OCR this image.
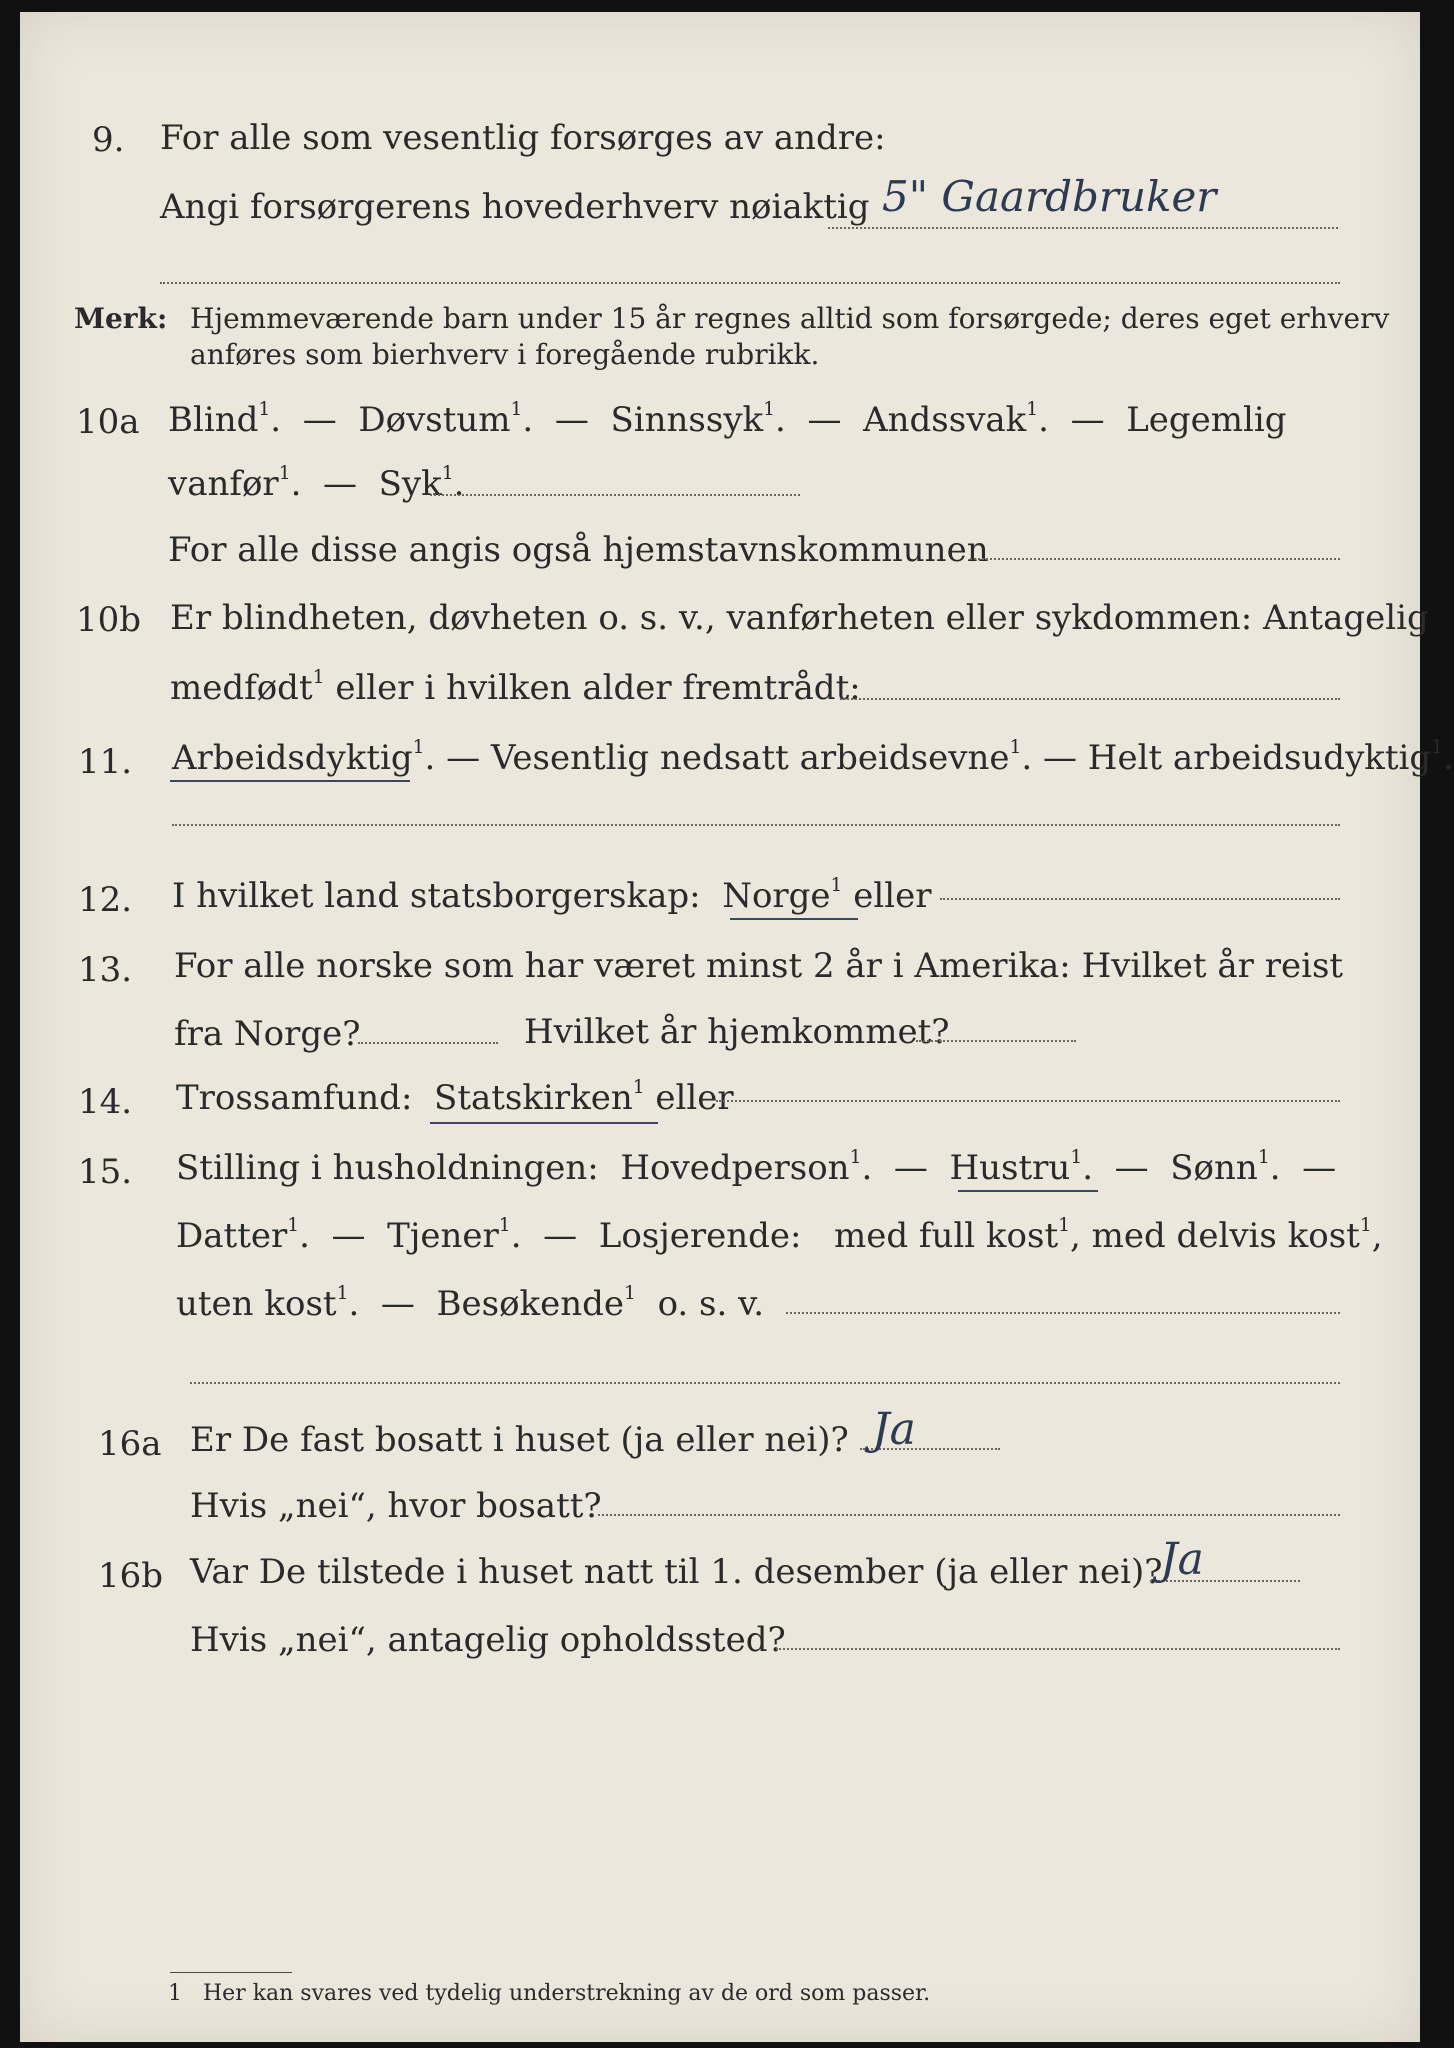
9. For alle som vesentlig forsørges av andre:
Angi forsørgerens hovederhverv nøiaktig 5" Gaardbruker
Merk: Hjemmeværende barn under 15 år regnes alltid som forsørgede; deres eget erhverv
anføres som bierhverv i foregående rubrikk.
10a Blind$^1$.  —  Døvstum$^1$.  —  Sinnssyk$^1$.  —  Andssvak$^1$.  —  Legemlig
vanfør$^1$.  —  Syk$^1$.
For alle disse angis også hjemstavnskommunen
10b Er blindheten, døvheten o. s. v., vanførheten eller sykdommen: Antagelig
medfødt$^1$ eller i hvilken alder fremtrådt:
11. Arbeidsdyktig$^1$. — Vesentlig nedsatt arbeidsevne$^1$. — Helt arbeidsudyktig$^1$.
12. I hvilket land statsborgerskap: Norge$^1$ eller
13. For alle norske som har været minst 2 år i Amerika: Hvilket år reist
fra Norge?	Hvilket år hjemkommet?
14. Trossamfund: Statskirken$^1$ eller
15. Stilling i husholdningen: Hovedperson$^1$.  —  Hustru$^1$.  —  Sønn$^1$.  —
Datter$^1$.  —  Tjener$^1$.  —  Losjerende: med full kost$^1$, med delvis kost$^1$,
uten kost$^1$.  —  Besøkende$^1$ o. s. v.
16a Er De fast bosatt i huset (ja eller nei)? Ja
Hvis „nei“, hvor bosatt?
16b Var De tilstede i huset natt til 1. desember (ja eller nei)?
Ja
Hvis „nei“, antagelig opholdssted?
1 Her kan svares ved tydelig understrekning av de ord som passer.
